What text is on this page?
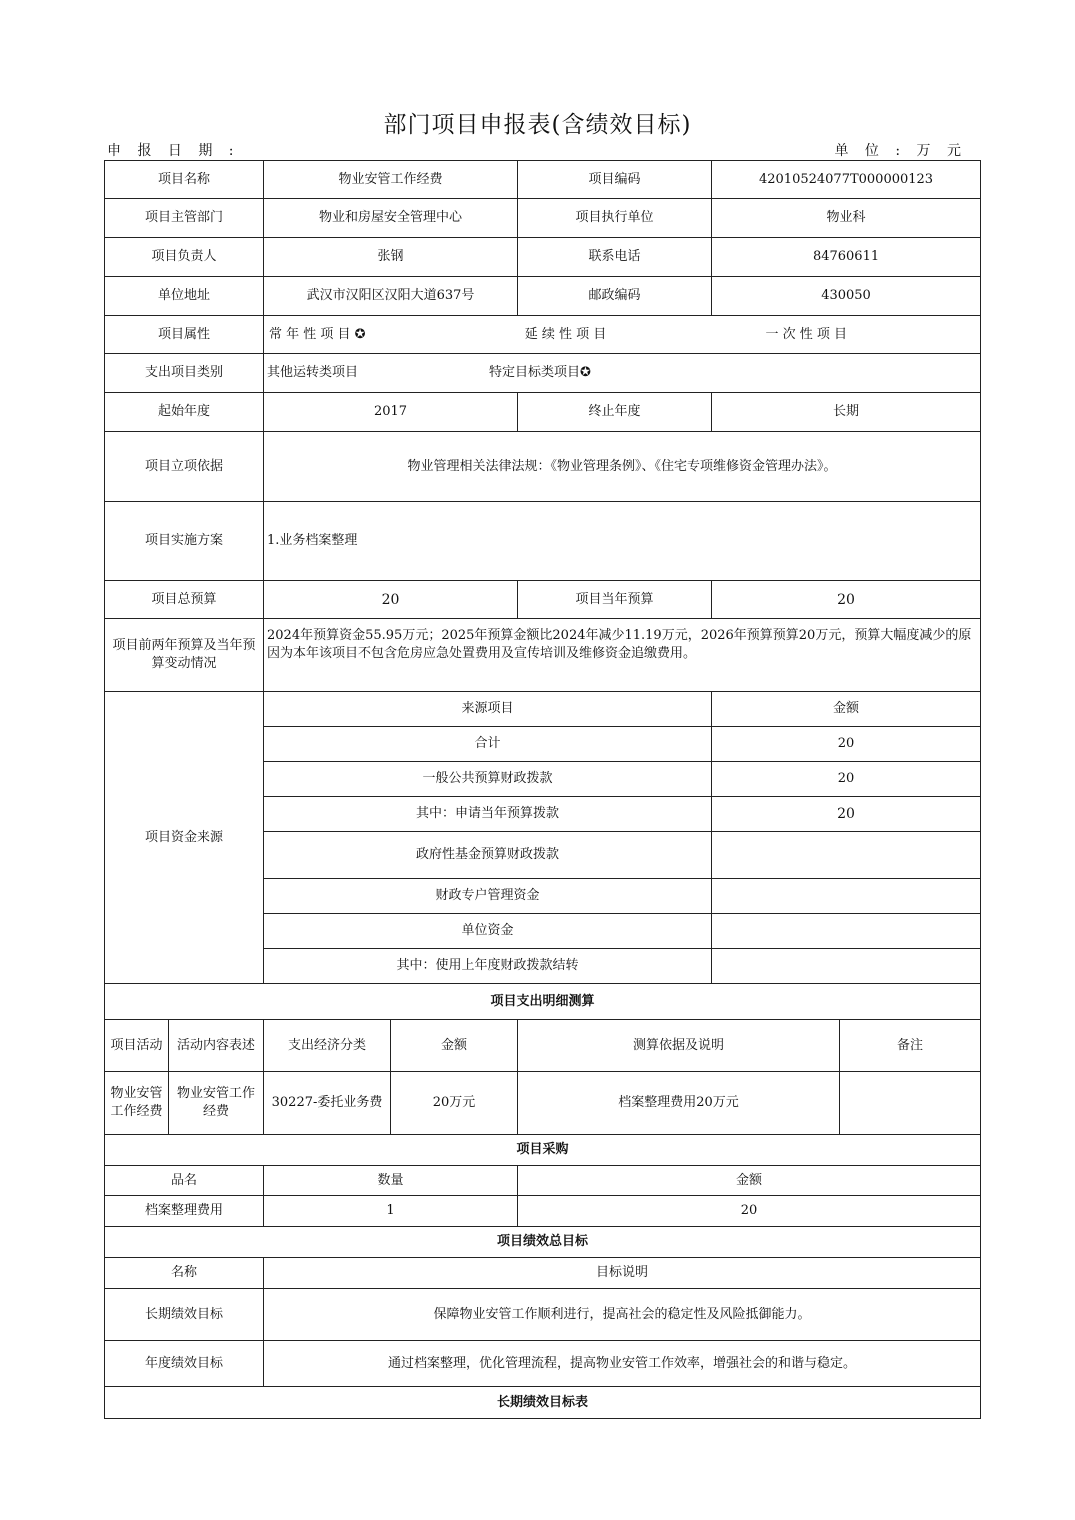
部门项目申报表(含绩效目标)
申 报 日 期 :	单 位 : 万 元
项目名称		物业安管工作经费		项目编码	42010524077T000000123	
项目主管部门		物业和房屋安全管理中心		项目执行单位	物业科	
项目负责人		张钢		联系电话	84760611	
单位地址		武汉市汉阳区汉阳大道637号		邮政编码	430050	
项目属性		常 年 性 项 目 ✪ 延 续 性 项 目 一 次 性 项 目				

支出项目类别		其他运转类项目 特定目标类项目✪				
起始年度		2017		终止年度	长期	
项目立项依据		物业管理相关法律法规：《物业管理条例》、《住宅专项维修资金管理办法》。				
项目实施方案		1.业务档案整理				
项目总预算		20		项目当年预算	20	
项目前两年预算及当年预算变动情况		2024年预算资金55.95万元；2025年预算金额比2024年减少11.19万元，2026年预算预算20万元，预算大幅度减少的原因为本年该项目不包含危房应急处置费用及宣传培训及维修资金追缴费用。				
项目资金来源		来源项目			金额	
		合计			20	
		一般公共预算财政拨款			20	
		其中：申请当年预算拨款			20	
		政府性基金预算财政拨款				
		财政专户管理资金				
		单位资金				
		其中：使用上年度财政拨款结转				
项目支出明细测算						
项目活动	活动内容表述	支出经济分类	金额	测算依据及说明		备注
物业安管工作经费	物业安管工作经费	30227-委托业务费	20万元	档案整理费用20万元		
项目采购						
品名		数量		金额		
档案整理费用		1		20		
项目绩效总目标						
名称		目标说明				
长期绩效目标		保障物业安管工作顺利进行，提高社会的稳定性及风险抵御能力。				
年度绩效目标		通过档案整理，优化管理流程，提高物业安管工作效率，增强社会的和谐与稳定。				
长期绩效目标表						
